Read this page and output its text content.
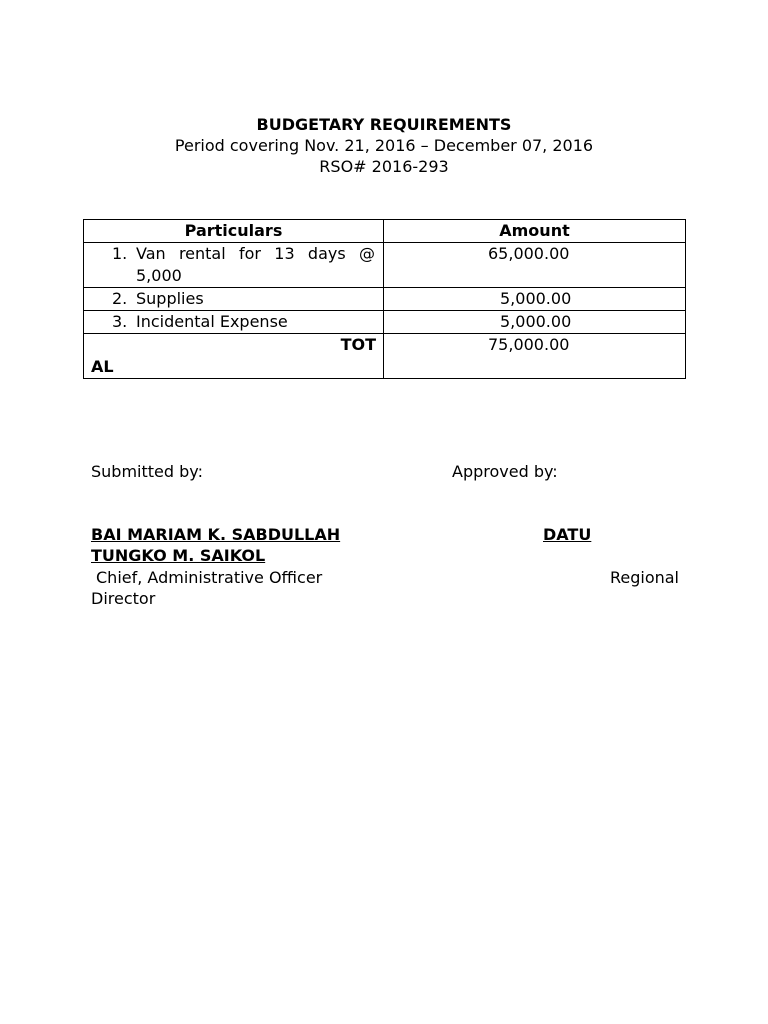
BUDGETARY REQUIREMENTS
Period covering Nov. 21, 2016 – December 07, 2016
RSO# 2016-293
Particulars	Amount

1. Van rental for 13 days @ 5,000	65,000.00

2. Supplies	5,000.00

3. Incidental Expense	5,000.00

TOT
AL	75,000.00
Submitted by:	Approved by:
BAI MARIAM K. SABDULLAH	DATU
TUNGKO M. SAIKOL
Chief, Administrative Officer	Regional
Director
